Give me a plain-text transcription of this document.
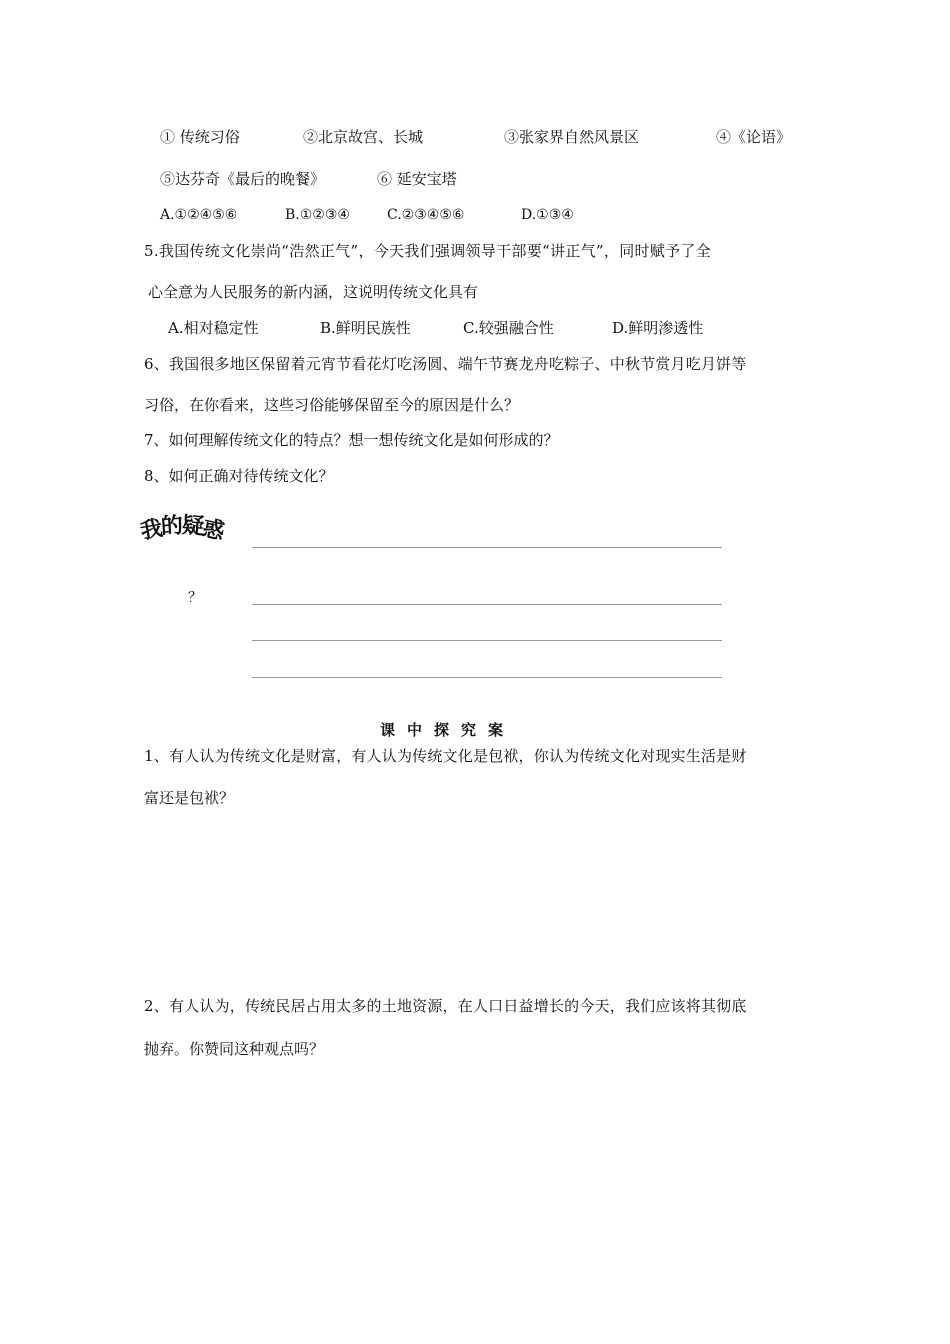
① 传统习俗	②北京故宫、长城	③张家界自然风景区	④《论语》
⑤达芬奇《最后的晚餐》	⑥ 延安宝塔
A.①②④⑤⑥	B.①②③④	C.②③④⑤⑥	D.①③④
5.我国传统文化崇尚“浩然正气”，今天我们强调领导干部要“讲正气”，同时赋予了全
心全意为人民服务的新内涵，这说明传统文化具有
A.相对稳定性	B.鲜明民族性	C.较强融合性	D.鲜明渗透性
6、我国很多地区保留着元宵节看花灯吃汤圆、端午节赛龙舟吃粽子、中秋节赏月吃月饼等
习俗，在你看来，这些习俗能够保留至今的原因是什么？
7、如何理解传统文化的特点？想一想传统文化是如何形成的？
8、如何正确对待传统文化？
我的疑惑
？
课中探究案
1、有人认为传统文化是财富，有人认为传统文化是包袱，你认为传统文化对现实生活是财
富还是包袱？
2、有人认为，传统民居占用太多的土地资源，在人口日益增长的今天，我们应该将其彻底
抛弃。你赞同这种观点吗？
